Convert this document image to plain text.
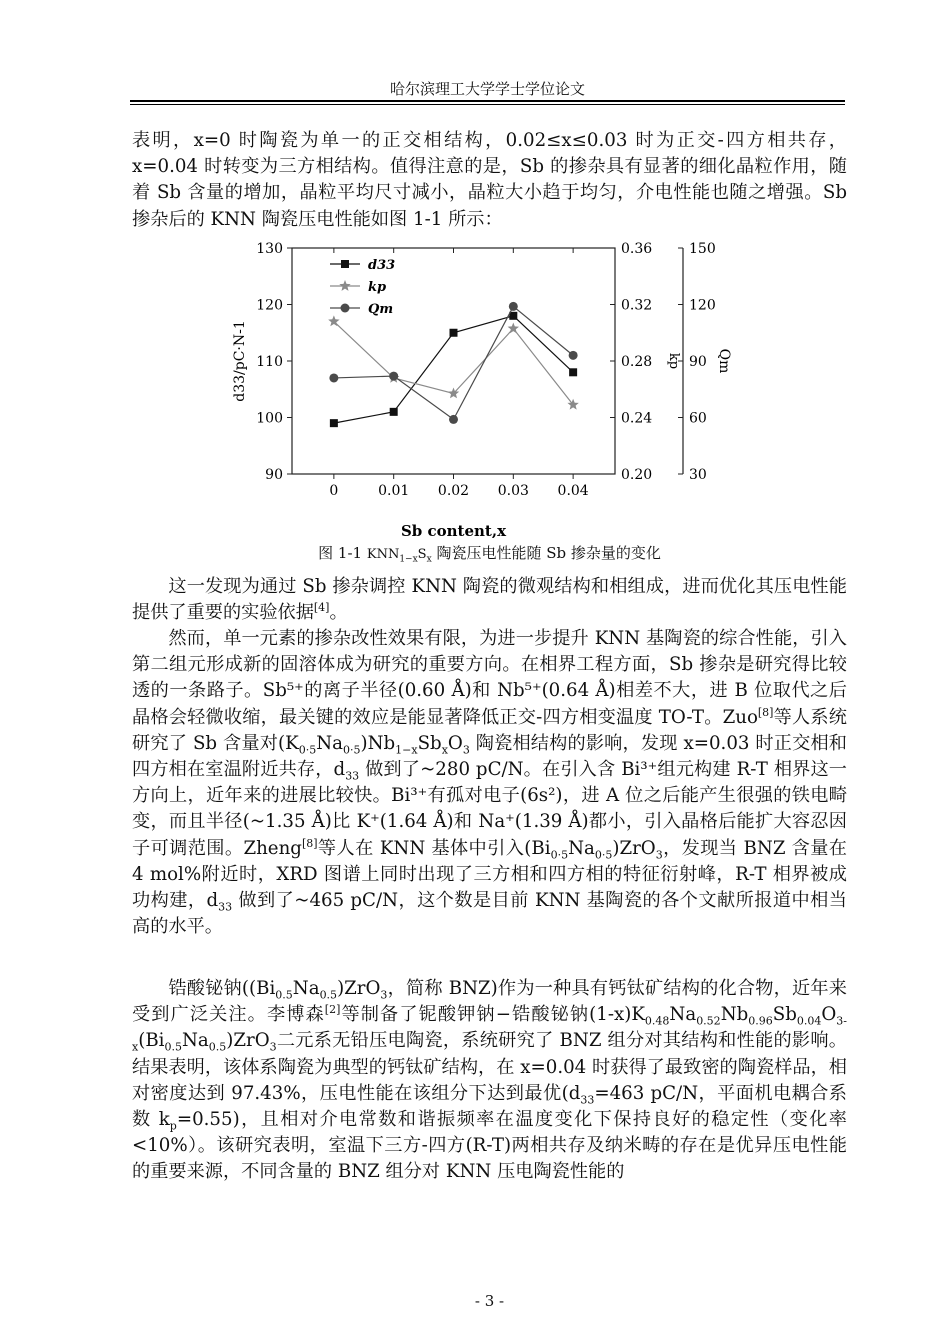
哈尔滨理工大学学士学位论文
表明，x=0 时陶瓷为单一的正交相结构，0.02≤x≤0.03 时为正交-四方相共存，x=0.04 时转变为三方相结构。值得注意的是，Sb 的掺杂具有显著的细化晶粒作用，随着 Sb 含量的增加，晶粒平均尺寸减小，晶粒大小趋于均匀，介电性能也随之增强。Sb 掺杂后的 KNN 陶瓷压电性能如图 1-1 所示：
0	0.01 0.02 0.03 0.04
Sb content,x
90
100
110
120
130
d33/pC·N-1
0.20
0.24
0.28
0.32
0.36
kp
30
60
90
120
150
Qm
d33
kp
Qm
图 1-1 $KNN_{1-x}S_x$ 陶瓷压电性能随 Sb 掺杂量的变化
这一发现为通过 Sb 掺杂调控 KNN 陶瓷的微观结构和相组成，进而优化其压电性能提供了重要的实验依据[4]。
然而，单一元素的掺杂改性效果有限，为进一步提升 KNN 基陶瓷的综合性能，引入第二组元形成新的固溶体成为研究的重要方向。在相界工程方面，Sb 掺杂是研究得比较透的一条路子。Sb⁵⁺的离子半径(0.60 Å)和 Nb⁵⁺(0.64 Å)相差不大，进 B 位取代之后晶格会轻微收缩，最关键的效应是能显著降低正交-四方相变温度 TO-T。Zuo[8]等人系统研究了 Sb 含量对$(K_{0\cdot 5}Na_{0\cdot 5})Nb_{1-x}Sb_xO_3$ 陶瓷相结构的影响，发现 x=0.03 时正交相和四方相在室温附近共存，$d_{33}$ 做到了~280 pC/N。在引入含 Bi³⁺组元构建 R-T 相界这一方向上，近年来的进展比较快。Bi³⁺有孤对电子(6s²)，进 A 位之后能产生很强的铁电畸变，而且半径(~1.35 Å)比 K⁺(1.64 Å)和 Na⁺(1.39 Å)都小，引入晶格后能扩大容忍因子可调范围。Zheng[8]等人在 KNN 基体中引入$(Bi_{0\cdot 5}Na_{0\cdot 5})ZrO_3$，发现当 BNZ 含量在 4 mol%附近时，XRD 图谱上同时出现了三方相和四方相的特征衍射峰，R-T 相界被成功构建，$d_{33}$ 做到了~465 pC/N，这个数是目前 KNN 基陶瓷的各个文献所报道中相当高的水平。
锆酸铋钠($(Bi_{0.5}Na_{0.5})ZrO_3$，简称 BNZ)作为一种具有钙钛矿结构的化合物，近年来受到广泛关注。李博森[2]等制备了铌酸钾钠−锆酸铋钠$(1-x)K_{0.48}Na_{0.52}Nb_{0.96}Sb_{0.04}O_{3-x}(Bi_{0.5}Na_{0.5})ZrO_3$二元系无铅压电陶瓷，系统研究了 BNZ 组分对其结构和性能的影响。结果表明，该体系陶瓷为典型的钙钛矿结构，在 x=0.04 时获得了最致密的陶瓷样品，相对密度达到 97.43%，压电性能在该组分下达到最优($d_{33}=463$ pC/N，平面机电耦合系数 $k_p=0.55$)，且相对介电常数和谐振频率在温度变化下保持良好的稳定性（变化率<10%）。该研究表明，室温下三方-四方(R-T)两相共存及纳米畴的存在是优异压电性能的重要来源，不同含量的 BNZ 组分对 KNN 压电陶瓷性能的
- 3 -
